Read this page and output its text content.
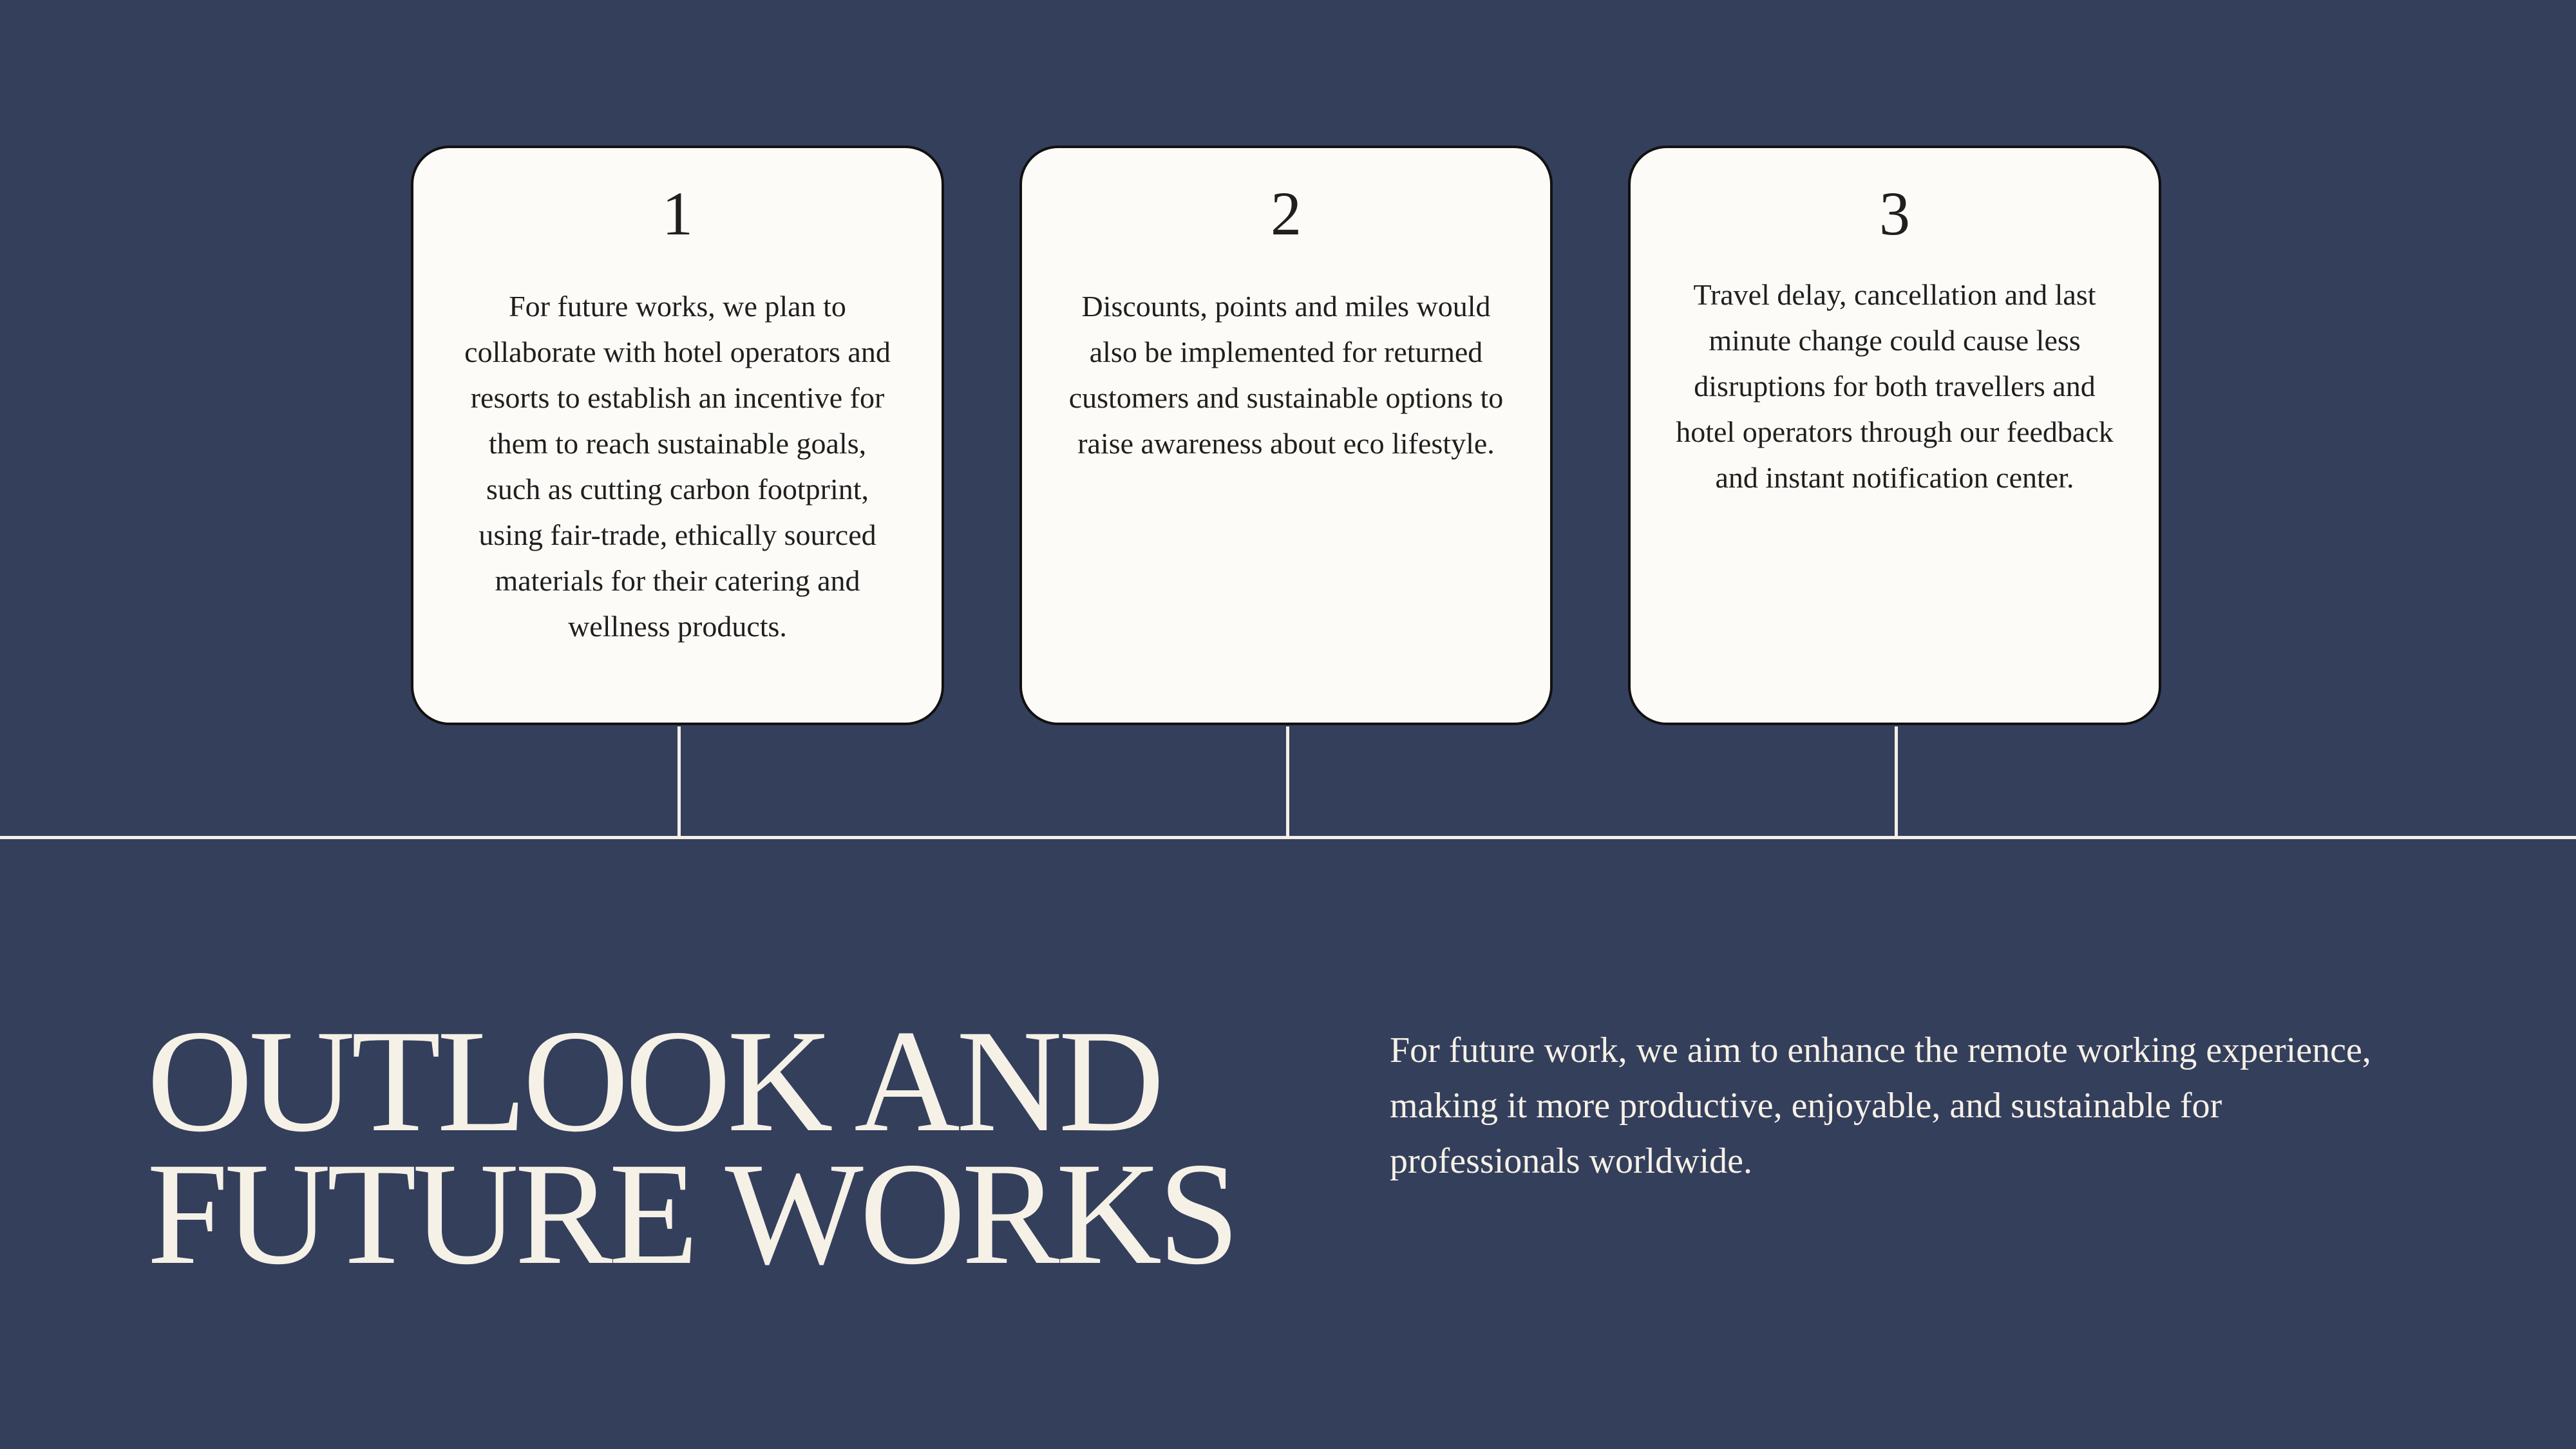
1
For future works, we plan to collaborate with hotel operators and resorts to establish an incentive for them to reach sustainable goals, such as cutting carbon footprint, using fair-trade, ethically sourced materials for their catering and wellness products.
2
Discounts, points and miles would also be implemented for returned customers and sustainable options to raise awareness about eco lifestyle.
3
Travel delay, cancellation and last minute change could cause less disruptions for both travellers and hotel operators through our feedback and instant notification center.
OUTLOOK AND
FUTURE WORKS
For future work, we aim to enhance the remote working experience, making it more productive, enjoyable, and sustainable for professionals worldwide.
